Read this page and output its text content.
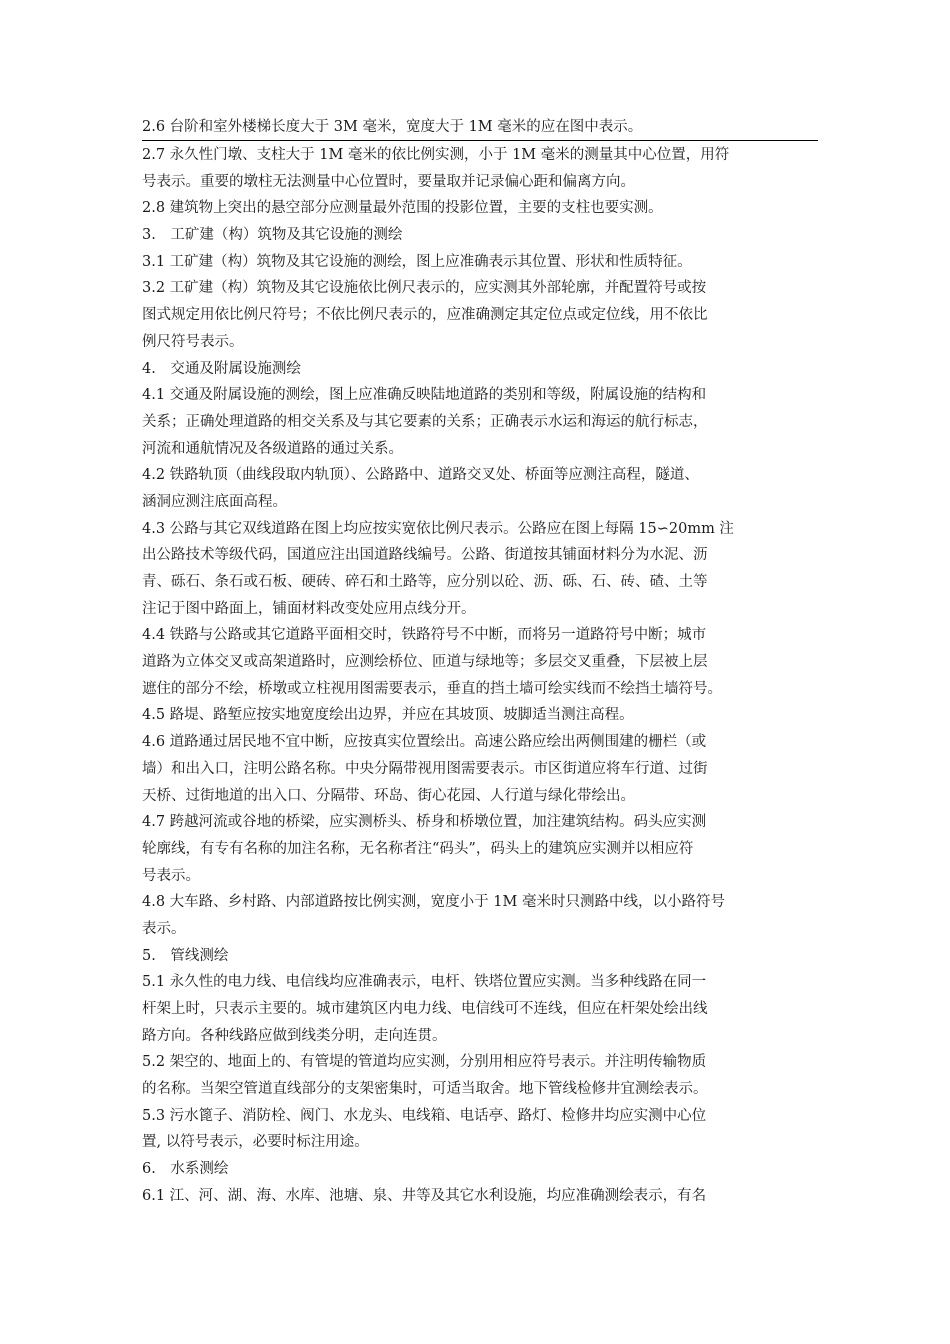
2.6 台阶和室外楼梯长度大于 3M 毫米，宽度大于 1M 毫米的应在图中表示。
2.7 永久性门墩、支柱大于 1M 毫米的依比例实测，小于 1M 毫米的测量其中心位置，用符
号表示。重要的墩柱无法测量中心位置时，要量取并记录偏心距和偏离方向。
2.8 建筑物上突出的悬空部分应测量最外范围的投影位置，主要的支柱也要实测。
3.　工矿建（构）筑物及其它设施的测绘
3.1 工矿建（构）筑物及其它设施的测绘，图上应准确表示其位置、形状和性质特征。
3.2 工矿建（构）筑物及其它设施依比例尺表示的，应实测其外部轮廓，并配置符号或按
图式规定用依比例尺符号；不依比例尺表示的，应准确测定其定位点或定位线，用不依比
例尺符号表示。
4.　交通及附属设施测绘
4.1 交通及附属设施的测绘，图上应准确反映陆地道路的类别和等级，附属设施的结构和
关系；正确处理道路的相交关系及与其它要素的关系；正确表示水运和海运的航行标志，
河流和通航情况及各级道路的通过关系。
4.2 铁路轨顶（曲线段取内轨顶）、公路路中、道路交叉处、桥面等应测注高程，隧道、
涵洞应测注底面高程。
4.3 公路与其它双线道路在图上均应按实宽依比例尺表示。公路应在图上每隔 15∽20mm 注
出公路技术等级代码，国道应注出国道路线编号。公路、街道按其铺面材料分为水泥、沥
青、砾石、条石或石板、硬砖、碎石和土路等，应分别以砼、沥、砾、石、砖、碴、土等
注记于图中路面上，铺面材料改变处应用点线分开。
4.4 铁路与公路或其它道路平面相交时，铁路符号不中断，而将另一道路符号中断；城市
道路为立体交叉或高架道路时，应测绘桥位、匝道与绿地等；多层交叉重叠，下层被上层
遮住的部分不绘，桥墩或立柱视用图需要表示，垂直的挡土墙可绘实线而不绘挡土墙符号。
4.5 路堤、路堑应按实地宽度绘出边界，并应在其坡顶、坡脚适当测注高程。
4.6 道路通过居民地不宜中断，应按真实位置绘出。高速公路应绘出两侧围建的栅栏（或
墙）和出入口，注明公路名称。中央分隔带视用图需要表示。市区街道应将车行道、过街
天桥、过街地道的出入口、分隔带、环岛、街心花园、人行道与绿化带绘出。
4.7 跨越河流或谷地的桥梁，应实测桥头、桥身和桥墩位置，加注建筑结构。码头应实测
轮廓线，有专有名称的加注名称，无名称者注“码头”，码头上的建筑应实测并以相应符
号表示。
4.8 大车路、乡村路、内部道路按比例实测，宽度小于 1M 毫米时只测路中线，以小路符号
表示。
5.　管线测绘
5.1 永久性的电力线、电信线均应准确表示，电杆、铁塔位置应实测。当多种线路在同一
杆架上时，只表示主要的。城市建筑区内电力线、电信线可不连线，但应在杆架处绘出线
路方向。各种线路应做到线类分明，走向连贯。
5.2 架空的、地面上的、有管堤的管道均应实测，分别用相应符号表示。并注明传输物质
的名称。当架空管道直线部分的支架密集时，可适当取舍。地下管线检修井宜测绘表示。
5.3 污水篦子、消防栓、阀门、水龙头、电线箱、电话亭、路灯、检修井均应实测中心位
置, 以符号表示，必要时标注用途。
6.　水系测绘
6.1 江、河、湖、海、水库、池塘、泉、井等及其它水利设施，均应准确测绘表示，有名
